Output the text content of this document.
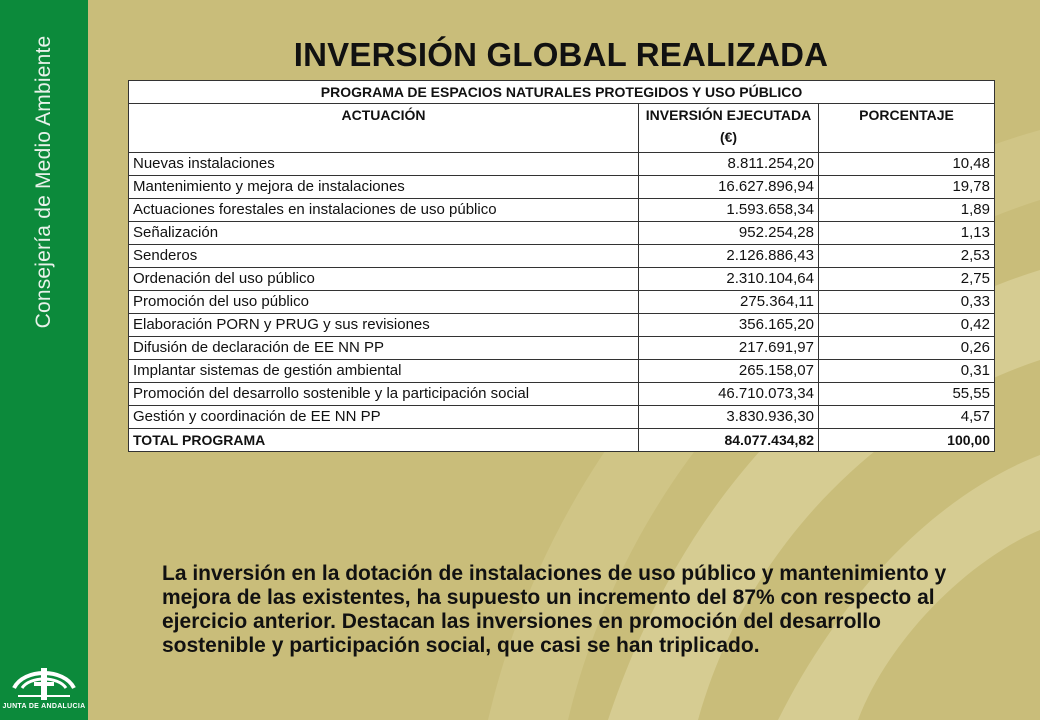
Consejería de Medio Ambiente
JUNTA DE ANDALUCIA
INVERSIÓN GLOBAL REALIZADA
PROGRAMA DE ESPACIOS NATURALES PROTEGIDOS Y USO PÚBLICO		
ACTUACIÓN	INVERSIÓN EJECUTADA (€)	PORCENTAJE
Nuevas instalaciones	8.811.254,20	10,48
Mantenimiento y mejora de instalaciones	16.627.896,94	19,78
Actuaciones forestales en instalaciones de uso público	1.593.658,34	1,89
Señalización	952.254,28	1,13
Senderos	2.126.886,43	2,53
Ordenación del uso público	2.310.104,64	2,75
Promoción del uso público	275.364,11	0,33
Elaboración PORN y PRUG y sus revisiones	356.165,20	0,42
Difusión de declaración de EE NN PP	217.691,97	0,26
Implantar sistemas de gestión ambiental	265.158,07	0,31
Promoción del desarrollo sostenible y la participación social	46.710.073,34	55,55
Gestión y coordinación de EE NN PP	3.830.936,30	4,57
TOTAL PROGRAMA	84.077.434,82	100,00

La inversión en la dotación de instalaciones de uso público y mantenimiento y mejora de las existentes, ha supuesto un incremento del 87% con respecto al ejercicio anterior. Destacan las inversiones en promoción del desarrollo sostenible y participación social, que casi se han triplicado.
